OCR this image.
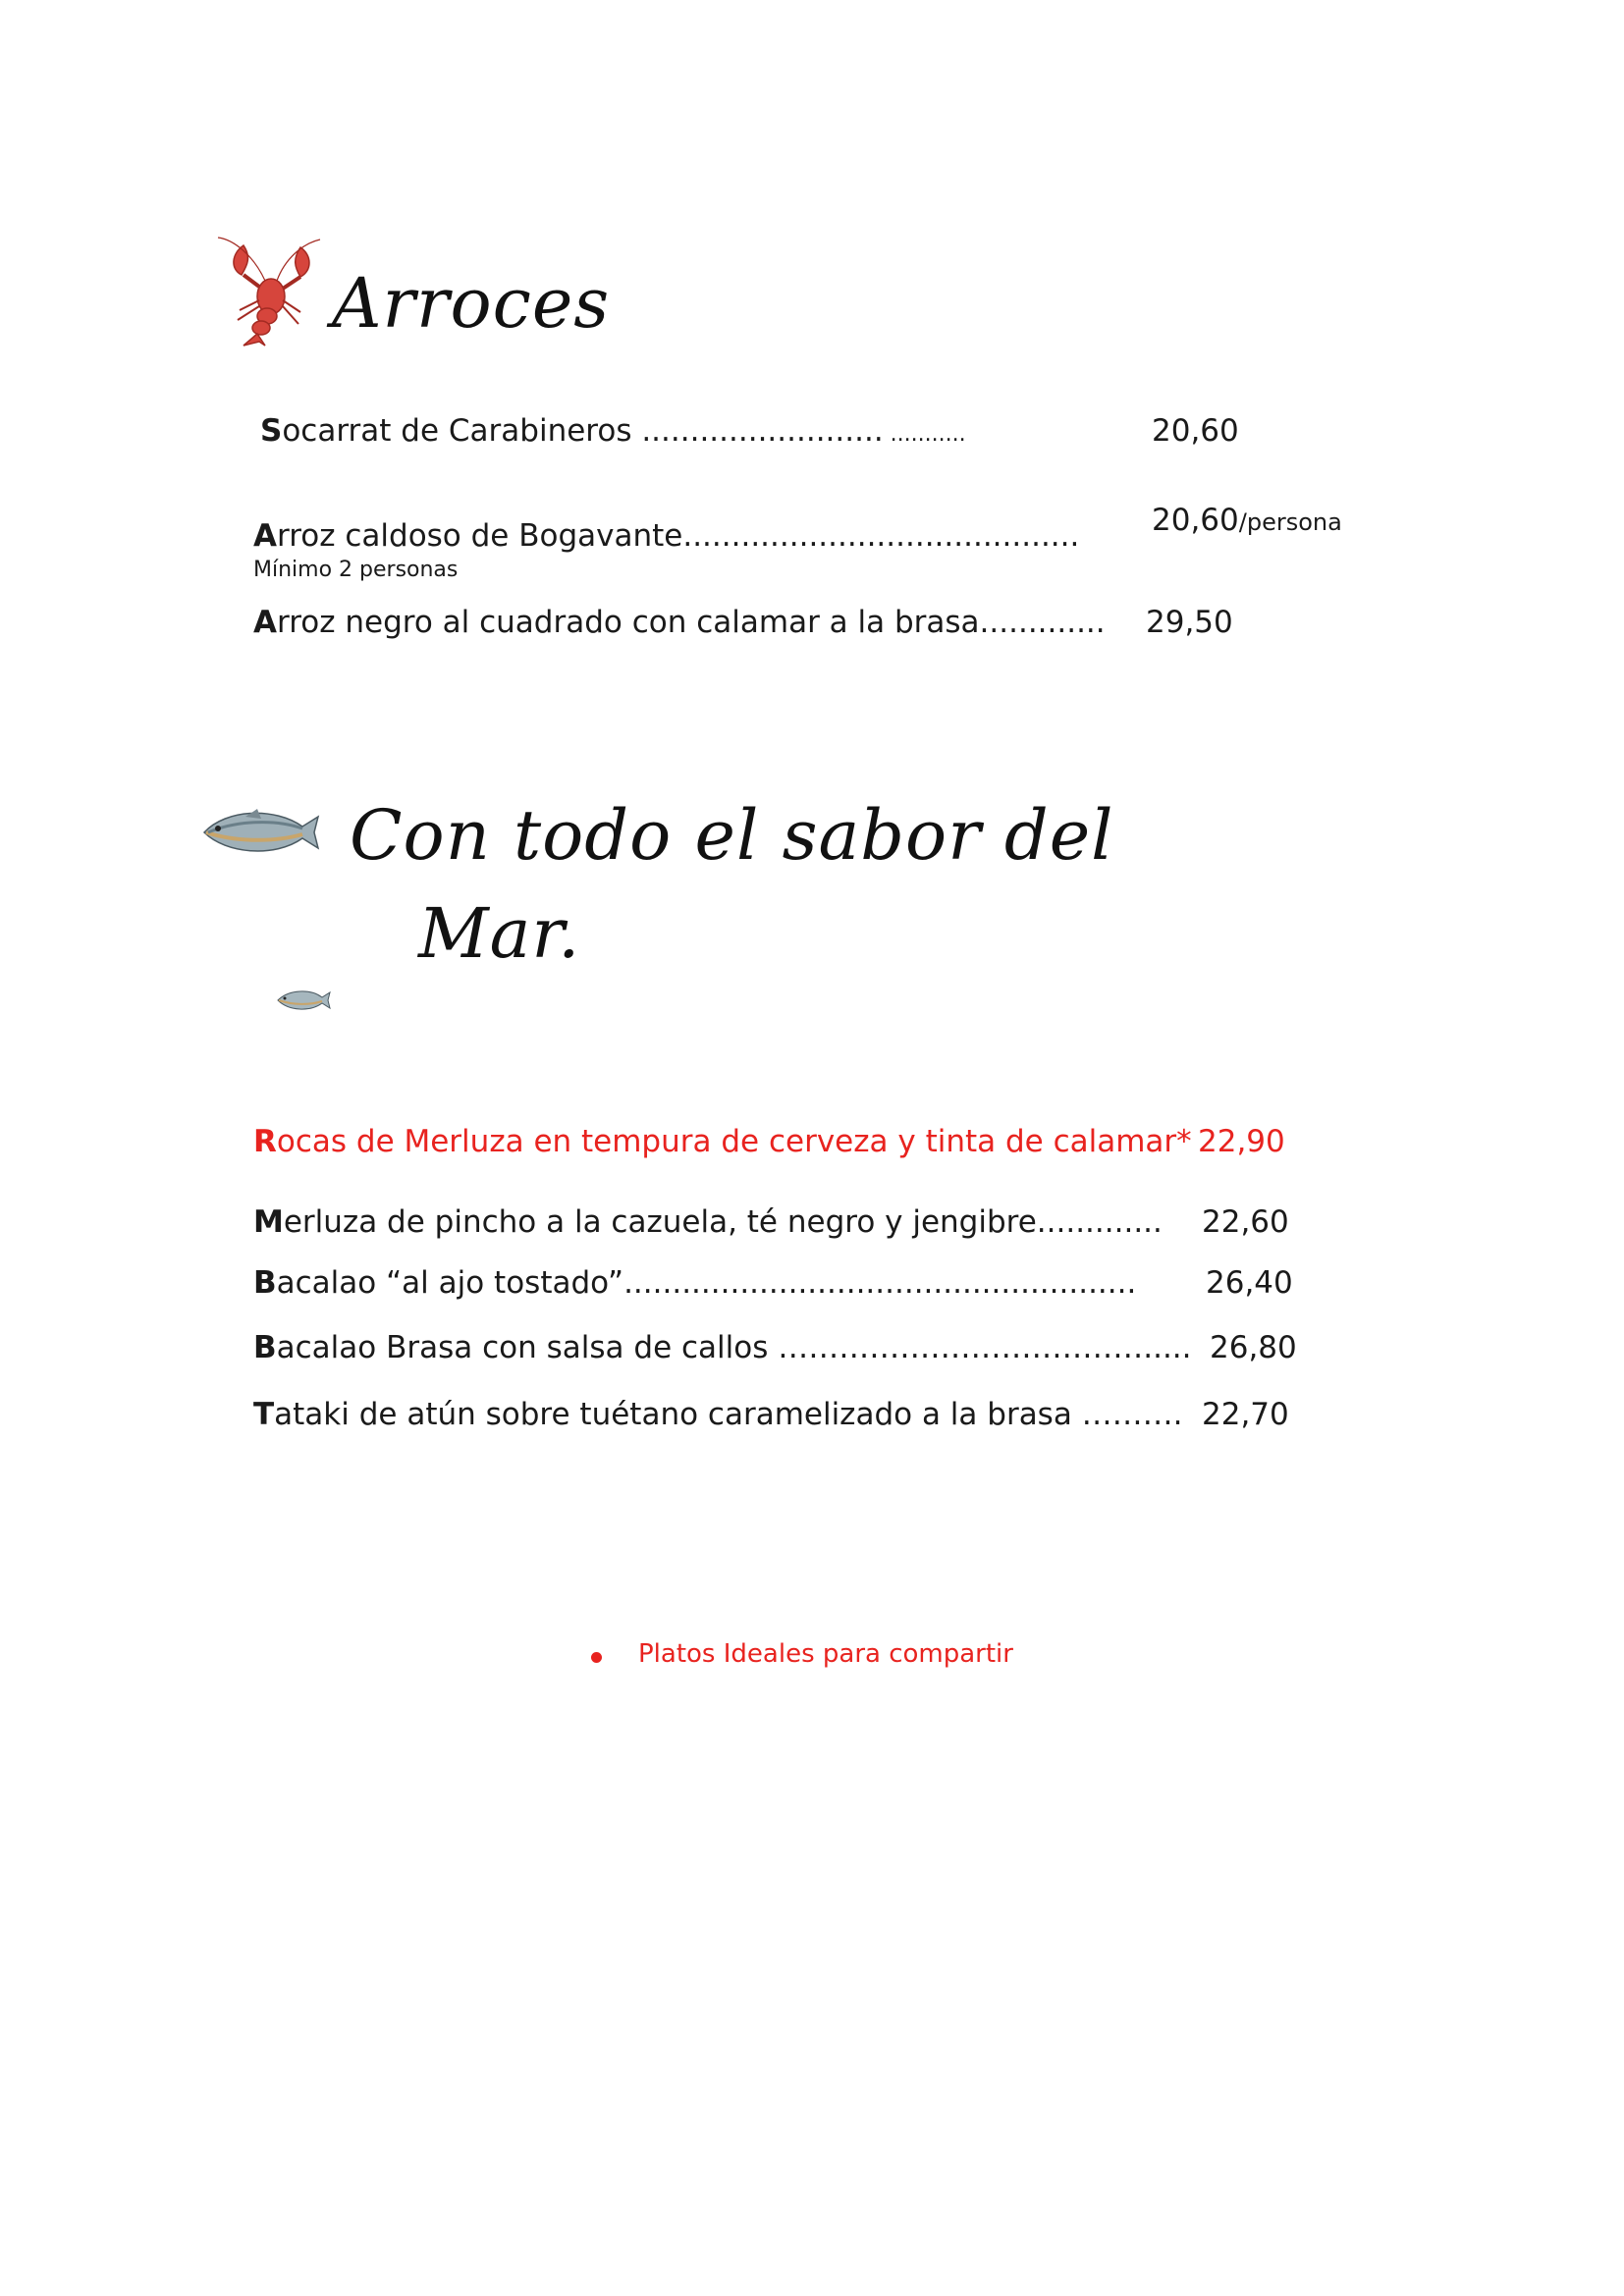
Arroces
Socarrat de Carabineros ......................... ...........	20,60
Arroz caldoso de Bogavante......................................... 20,60/persona
Mínimo 2 personas
Arroz negro al cuadrado con calamar a la brasa............. 29,50
Con todo el sabor del
Mar.
Rocas de Merluza en tempura de cerveza y tinta de calamar* 22,90
Merluza de pincho a la cazuela, té negro y jengibre............. 22,60
Bacalao “al ajo tostado”..................................................... 26,40
Bacalao Brasa con salsa de callos ………………………………..... 26,80
Tataki de atún sobre tuétano caramelizado a la brasa ………. 22,70
Platos Ideales para compartir
